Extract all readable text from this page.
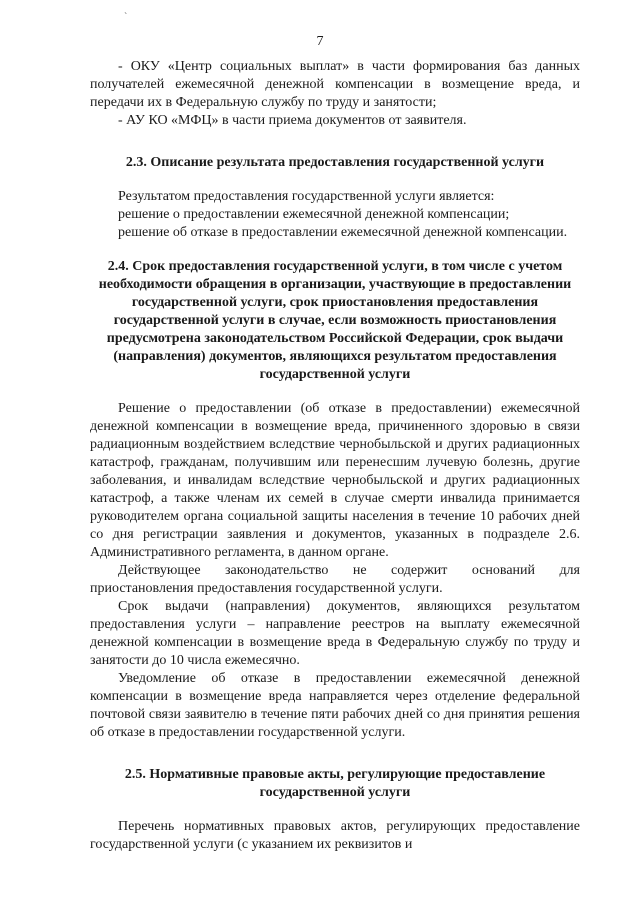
`
7

- ОКУ «Центр социальных выплат» в части формирования баз данных получателей ежемесячной денежной компенсации в возмещение вреда, и передачи их в Федеральную службу по труду и занятости;

- АУ КО «МФЦ» в части приема документов от заявителя.

2.3. Описание результата предоставления государственной услуги

Результатом предоставления государственной услуги является:

решение о предоставлении ежемесячной денежной компенсации;

решение об отказе в предоставлении ежемесячной денежной компенсации.

2.4. Срок предоставления государственной услуги, в том числе с учетом необходимости обращения в организации, участвующие в предоставлении государственной услуги, срок приостановления предоставления государственной услуги в случае, если возможность приостановления предусмотрена законодательством Российской Федерации, срок выдачи (направления) документов, являющихся результатом предоставления государственной услуги

Решение о предоставлении (об отказе в предоставлении) ежемесячной денежной компенсации в возмещение вреда, причиненного здоровью в связи радиационным воздействием вследствие чернобыльской и других радиационных катастроф, гражданам, получившим или перенесшим лучевую болезнь, другие заболевания, и инвалидам вследствие чернобыльской и других радиационных катастроф, а также членам их семей в случае смерти инвалида принимается руководителем органа социальной защиты населения в течение 10 рабочих дней со дня регистрации заявления и документов, указанных в подразделе 2.6. Административного регламента, в данном органе.

Действующее законодательство не содержит оснований для приостановления предоставления государственной услуги.

Срок выдачи (направления) документов, являющихся результатом предоставления услуги – направление реестров на выплату ежемесячной денежной компенсации в возмещение вреда в Федеральную службу по труду и занятости до 10 числа ежемесячно.

Уведомление об отказе в предоставлении ежемесячной денежной компенсации в возмещение вреда направляется через отделение федеральной почтовой связи заявителю в течение пяти рабочих дней со дня принятия решения об отказе в предоставлении государственной услуги.

2.5. Нормативные правовые акты, регулирующие предоставление государственной услуги

Перечень нормативных правовых актов, регулирующих предоставление государственной услуги (с указанием их реквизитов и
